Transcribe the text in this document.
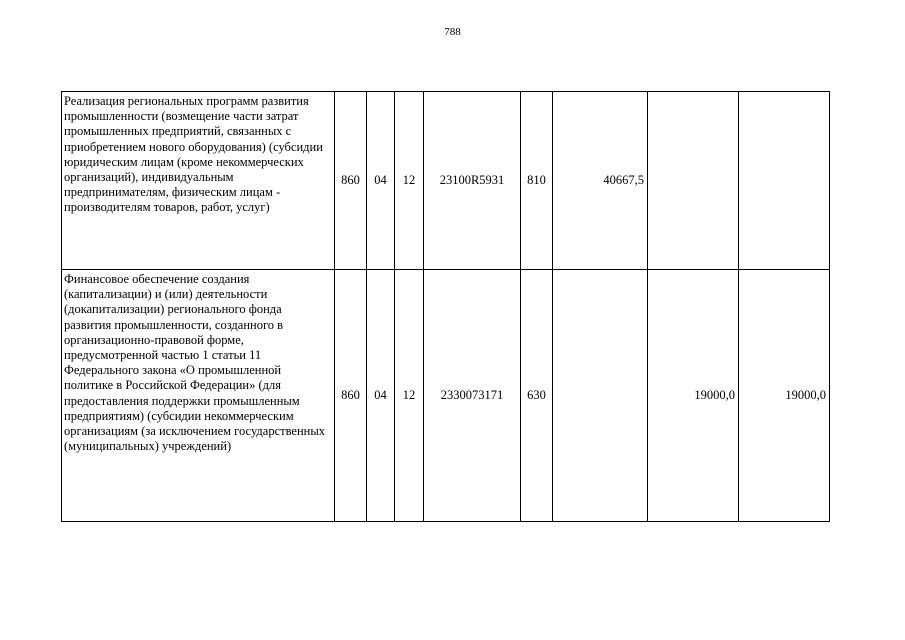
788
Реализация региональных программ развития промышленности (возмещение части затрат промышленных предприятий, связанных с приобретением нового оборудования) (субсидии юридическим лицам (кроме некоммерческих организаций), индивидуальным предпринимателям, физическим лицам - производителям товаров, работ, услуг)	860	04	12	23100R5931	810	40667,5		
Финансовое обеспечение создания (капитализации) и (или) деятельности (докапитализации) регионального фонда развития промышленности, созданного в организационно-правовой форме, предусмотренной частью 1 статьи 11 Федерального закона «О промышленной политике в Российской Федерации» (для предоставления поддержки промышленным предприятиям) (субсидии некоммерческим организациям (за исключением государственных (муниципальных) учреждений)	860	04	12	2330073171	630		19000,0	19000,0
